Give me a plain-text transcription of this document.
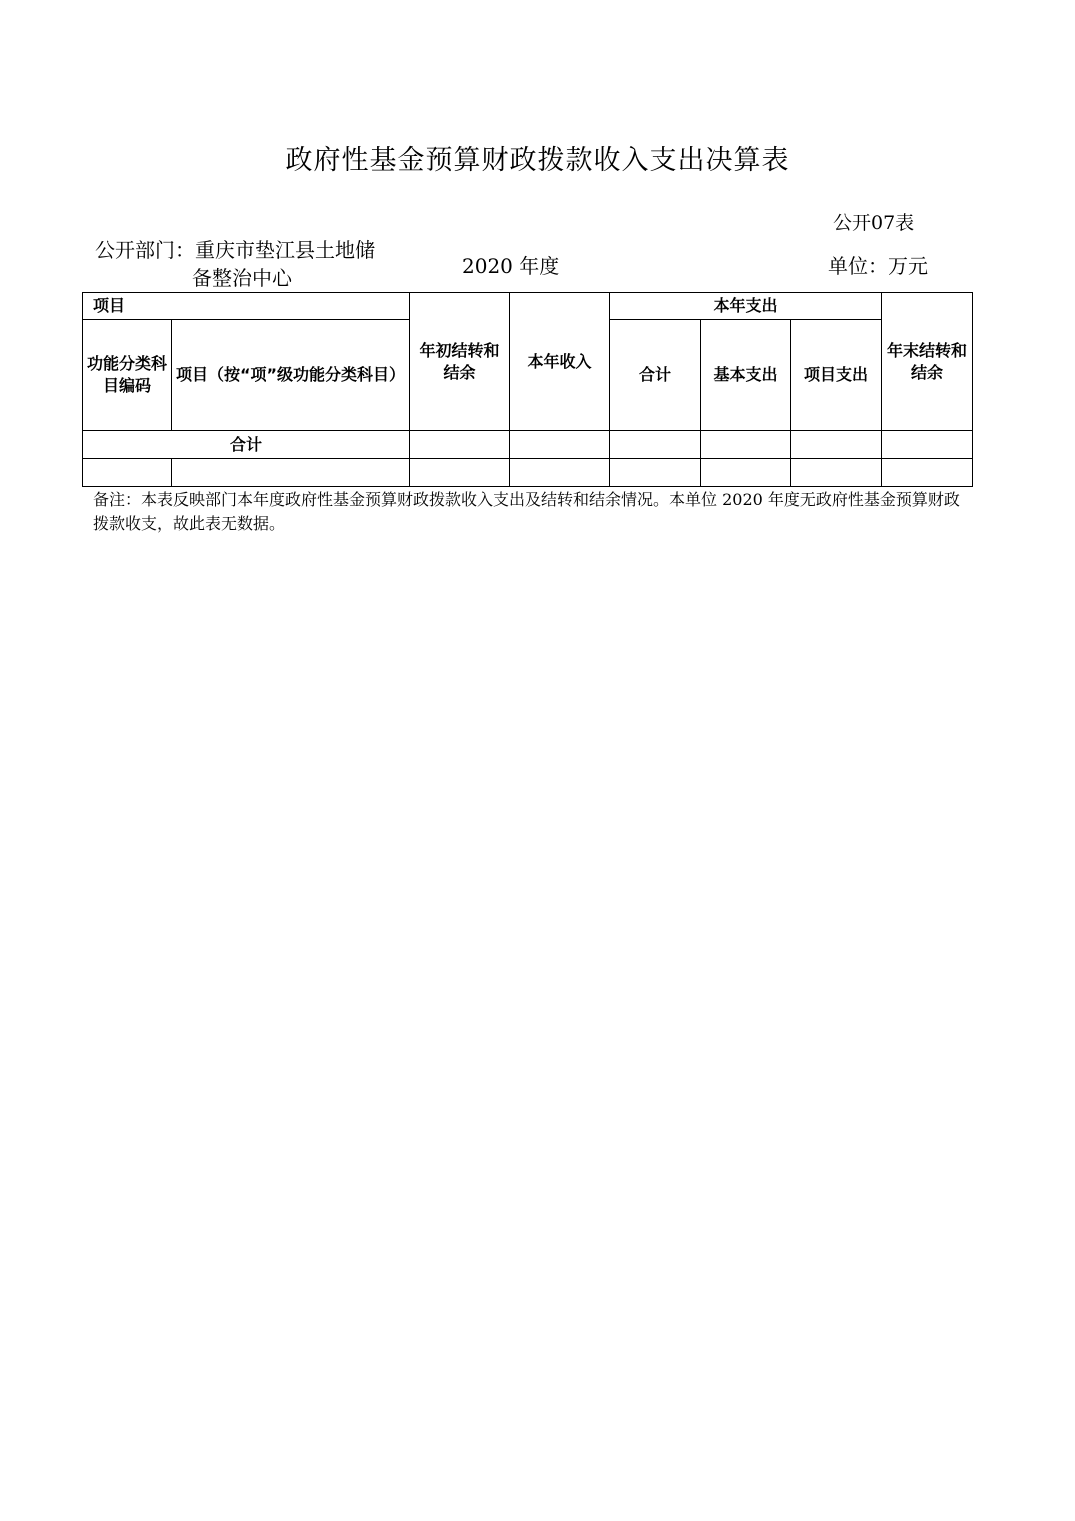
政府性基金预算财政拨款收入支出决算表
公开07表
公开部门：重庆市垫江县土地储
备整治中心	2020 年度	单位：万元
项目		年初结转和结余	本年收入	本年支出			年末结转和结余
功能分类科目编码	项目（按“项”级功能分类科目）			合计	基本支出	项目支出	
合计							

备注：本表反映部门本年度政府性基金预算财政拨款收入支出及结转和结余情况。本单位 2020 年度无政府性基金预算财政拨款收支，故此表无数据。
